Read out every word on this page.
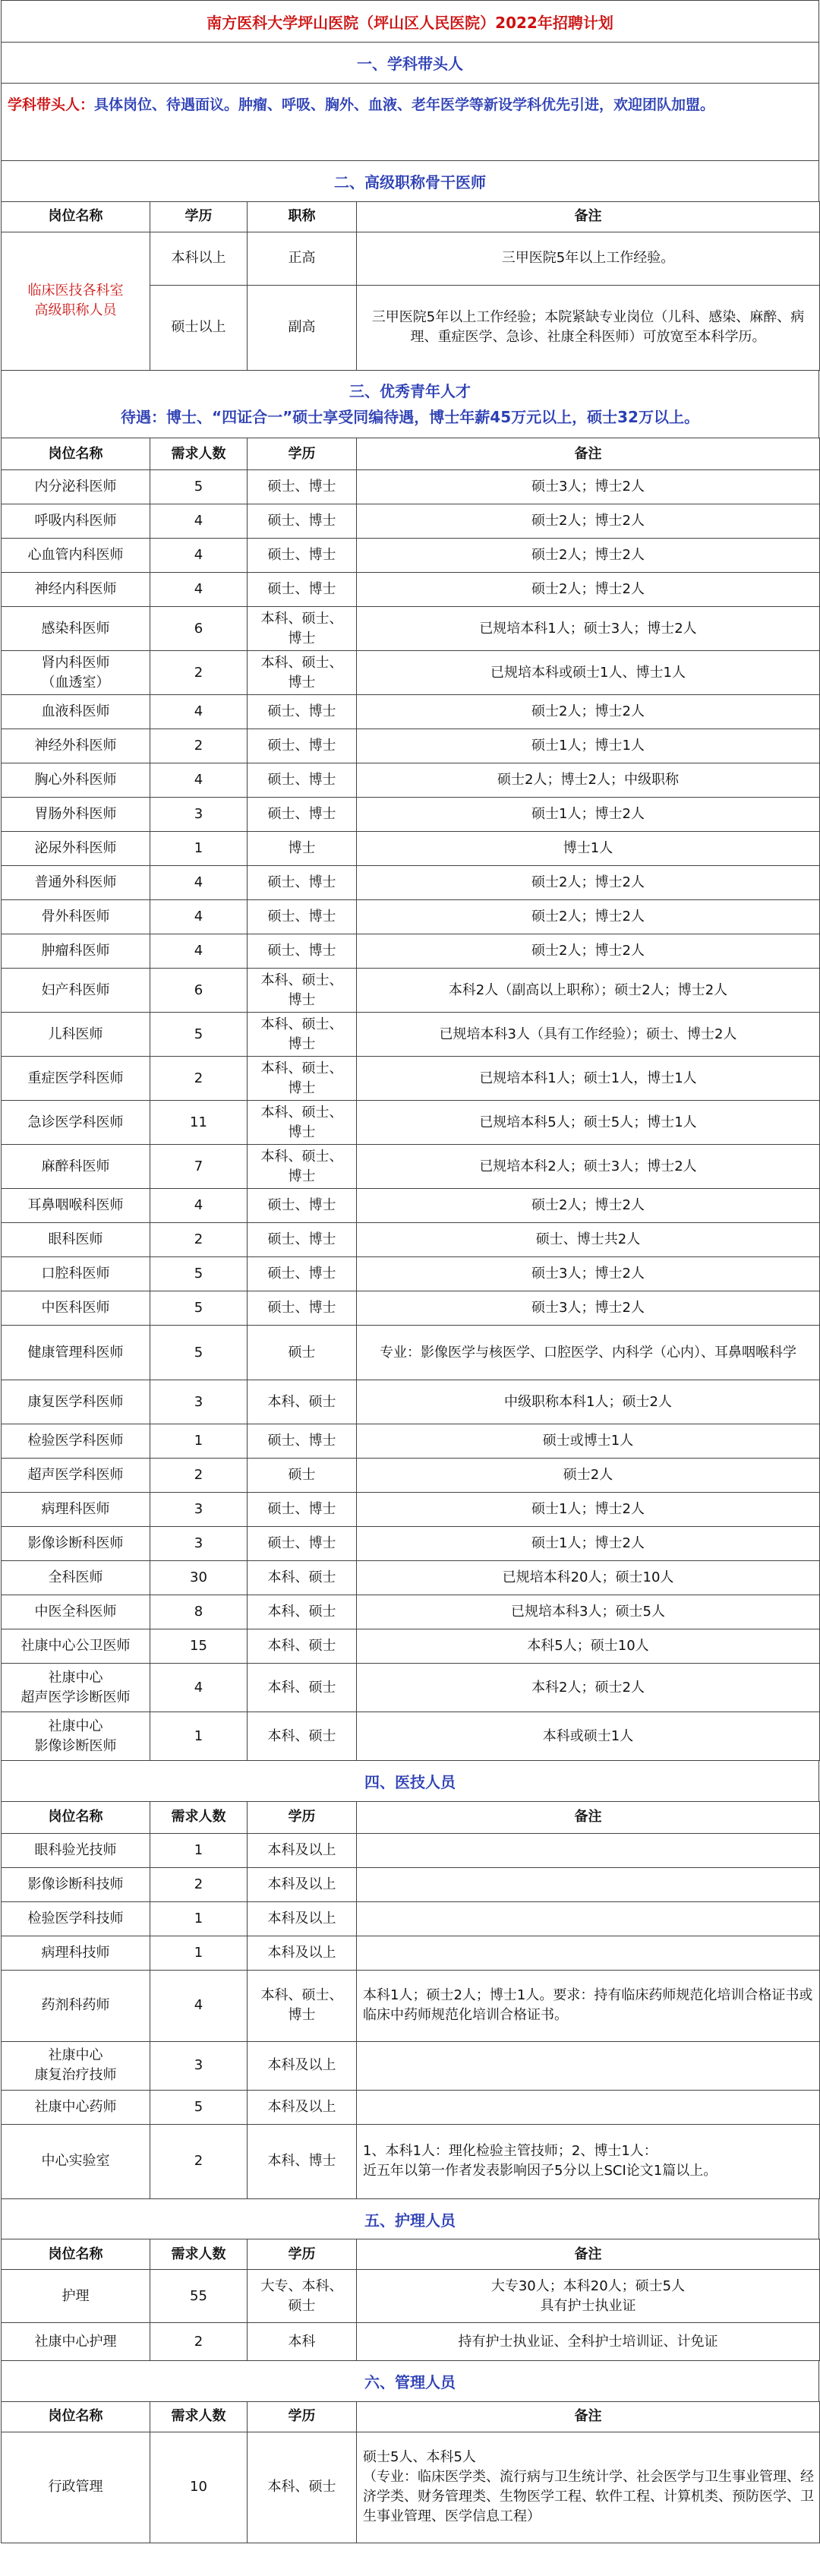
南方医科大学坪山医院（坪山区人民医院）2022年招聘计划
一、学科带头人
学科带头人：具体岗位、待遇面议。肿瘤、呼吸、胸外、血液、老年医学等新设学科优先引进，欢迎团队加盟。
二、高级职称骨干医师
岗位名称	学历	职称	备注
临床医技各科室
高级职称人员	本科以上	正高	三甲医院5年以上工作经验。
	硕士以上	副高	三甲医院5年以上工作经验；本院紧缺专业岗位（儿科、感染、麻醉、病理、重症医学、急诊、社康全科医师）可放宽至本科学历。
三、优秀青年人才
待遇：博士、“四证合一”硕士享受同编待遇，博士年薪45万元以上，硕士32万以上。
岗位名称	需求人数	学历	备注
内分泌科医师	5	硕士、博士	硕士3人；博士2人
呼吸内科医师	4	硕士、博士	硕士2人；博士2人
心血管内科医师	4	硕士、博士	硕士2人；博士2人
神经内科医师	4	硕士、博士	硕士2人；博士2人
感染科医师	6	本科、硕士、
博士	已规培本科1人；硕士3人；博士2人
肾内科医师
（血透室）	2	本科、硕士、
博士	已规培本科或硕士1人、博士1人
血液科医师	4	硕士、博士	硕士2人；博士2人
神经外科医师	2	硕士、博士	硕士1人；博士1人
胸心外科医师	4	硕士、博士	硕士2人；博士2人；中级职称
胃肠外科医师	3	硕士、博士	硕士1人；博士2人
泌尿外科医师	1	博士	博士1人
普通外科医师	4	硕士、博士	硕士2人；博士2人
骨外科医师	4	硕士、博士	硕士2人；博士2人
肿瘤科医师	4	硕士、博士	硕士2人；博士2人
妇产科医师	6	本科、硕士、
博士	本科2人（副高以上职称）；硕士2人；博士2人
儿科医师	5	本科、硕士、
博士	已规培本科3人（具有工作经验）；硕士、博士2人
重症医学科医师	2	本科、硕士、
博士	已规培本科1人；硕士1人，博士1人
急诊医学科医师	11	本科、硕士、
博士	已规培本科5人；硕士5人；博士1人
麻醉科医师	7	本科、硕士、
博士	已规培本科2人；硕士3人；博士2人
耳鼻咽喉科医师	4	硕士、博士	硕士2人；博士2人
眼科医师	2	硕士、博士	硕士、博士共2人
口腔科医师	5	硕士、博士	硕士3人；博士2人
中医科医师	5	硕士、博士	硕士3人；博士2人
健康管理科医师	5	硕士	专业：影像医学与核医学、口腔医学、内科学（心内）、耳鼻咽喉科学
康复医学科医师	3	本科、硕士	中级职称本科1人；硕士2人
检验医学科医师	1	硕士、博士	硕士或博士1人
超声医学科医师	2	硕士	硕士2人
病理科医师	3	硕士、博士	硕士1人；博士2人
影像诊断科医师	3	硕士、博士	硕士1人；博士2人
全科医师	30	本科、硕士	已规培本科20人；硕士10人
中医全科医师	8	本科、硕士	已规培本科3人；硕士5人
社康中心公卫医师	15	本科、硕士	本科5人；硕士10人
社康中心
超声医学诊断医师	4	本科、硕士	本科2人；硕士2人
社康中心
影像诊断医师	1	本科、硕士	本科或硕士1人
四、医技人员
岗位名称	需求人数	学历	备注
眼科验光技师	1	本科及以上	
影像诊断科技师	2	本科及以上	
检验医学科技师	1	本科及以上	
病理科技师	1	本科及以上	
药剂科药师	4	本科、硕士、
博士	本科1人；硕士2人；博士1人。要求：持有临床药师规范化培训合格证书或临床中药师规范化培训合格证书。
社康中心
康复治疗技师	3	本科及以上	
社康中心药师	5	本科及以上	
中心实验室	2	本科、博士	1、本科1人：理化检验主管技师；2、博士1人：
近五年以第一作者发表影响因子5分以上SCI论文1篇以上。
五、护理人员
岗位名称	需求人数	学历	备注
护理	55	大专、本科、
硕士	大专30人；本科20人；硕士5人
具有护士执业证
社康中心护理	2	本科	持有护士执业证、全科护士培训证、计免证
六、管理人员
岗位名称	需求人数	学历	备注
行政管理	10	本科、硕士	硕士5人、本科5人
（专业：临床医学类、流行病与卫生统计学、社会医学与卫生事业管理、经济学类、财务管理类、生物医学工程、软件工程、计算机类、预防医学、卫生事业管理、医学信息工程）
